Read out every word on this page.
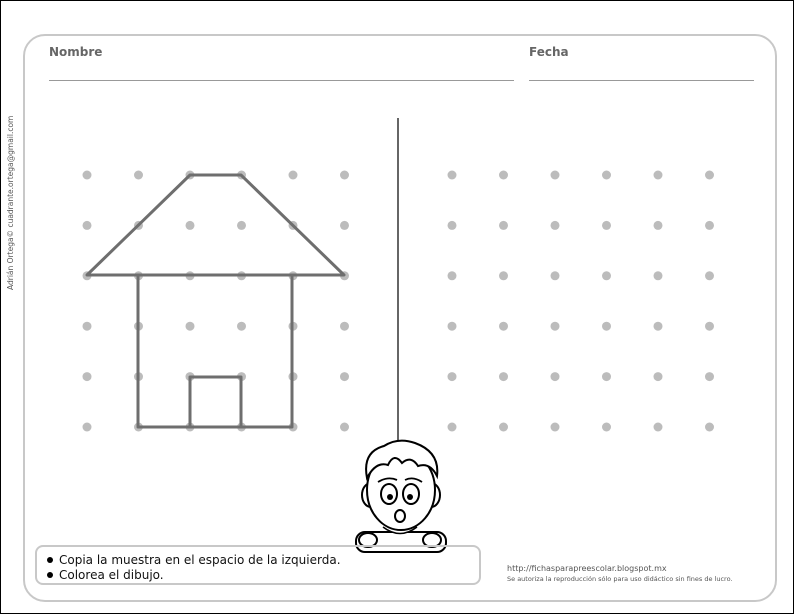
Nombre	Fecha
Adrián Ortega© cuadrante.ortega@gmail.com
Copia la muestra en el espacio de la izquierda.
Colorea el dibujo.	http://fichasparapreescolar.blogspot.mx
Se autoriza la reproducción sólo para uso didáctico sin fines de lucro.
